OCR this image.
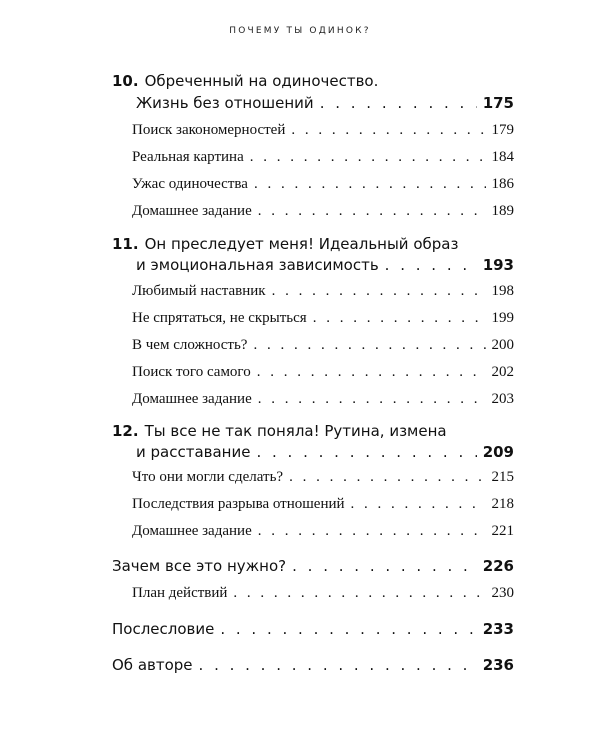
ПОЧЕМУ ТЫ ОДИНОК?
10. Обреченный на одиночество.
Жизнь без отношений . . .	175
Поиск закономерностей . . .	179
Реальная картина . . .	184
Ужас одиночества . . .	186
Домашнее задание . . .	189
11. Он преследует меня! Идеальный образ
и эмоциональная зависимость . . .	193
Любимый наставник . . .	198
Не спрятаться, не скрыться . . .	199
В чем сложность? . . .	200
Поиск того самого . . .	202
Домашнее задание . . .	203
12. Ты все не так поняла! Рутина, измена
и расставание . . .	209
Что они могли сделать? . . .	215
Последствия разрыва отношений . . .	218
Домашнее задание . . .	221
Зачем все это нужно? . . .	226
План действий . . .	230
Послесловие . . .	233
Об авторе . . .	236
